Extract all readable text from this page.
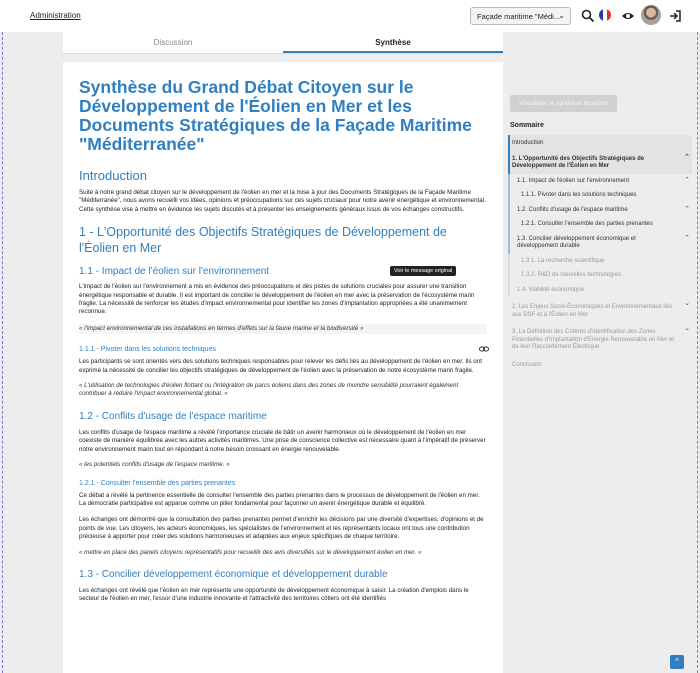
Administration	Façade maritime "Médi...
⌄
Discussion	Synthèse
Synthèse du Grand Débat Citoyen sur le Développement de l'Éolien en Mer et les Documents Stratégiques de la Façade Maritime "Méditerranée"
Introduction
Suite à notre grand débat citoyen sur le développement de l'éolien en mer et la mise à jour des Documents Stratégiques de la Façade Maritime "Méditerranée", nous avons recueilli vos idées, opinions et préoccupations sur ces sujets cruciaux pour notre avenir énergétique et environnemental. Cette synthèse vise à mettre en évidence les sujets discutés et à présenter les enseignements généraux issus de vos échanges constructifs.
1 - L'Opportunité des Objectifs Stratégiques de Développement de l'Éolien en Mer
1.1 - Impact de l'éolien sur l'environnement
L'impact de l'éolien sur l'environnement a mis en évidence des préoccupations et des pistes de solutions cruciales pour assurer une transition énergétique responsable et durable. Il est important de concilier le développement de l'éolien en mer avec la préservation de l'écosystème marin fragile. La nécessité de renforcer les études d'impact environnemental pour identifier les zones d'implantation appropriées a été unanimement reconnue.
« l'impact environnemental de ces installations en termes d'effets sur la faune marine et la biodiversité »
1.1.1 - Pivoter dans les solutions techniques
Les participants se sont orientés vers des solutions techniques responsables pour relever les défis liés au développement de l'éolien en mer. Ils ont exprimé la nécessité de concilier les objectifs stratégiques de développement de l'éolien avec la préservation de notre écosystème marin fragile.
« L'utilisation de technologies d'éolien flottant ou l'intégration de parcs éoliens dans des zones de moindre sensibilité pourraient également contribuer à réduire l'impact environnemental global. »
1.2 - Conflits d'usage de l'espace maritime
Les conflits d'usage de l'espace maritime a révélé l'importance cruciale de bâtir un avenir harmonieux où le développement de l'éolien en mer coexiste de manière équilibrée avec les autres activités maritimes. Une prise de conscience collective est nécessaire quant à l'impératif de préserver notre environnement marin tout en répondant à notre besoin croissant en énergie renouvelable.
« les potentiels conflits d'usage de l'espace maritime. »
1.2.1 - Consulter l'ensemble des parties prenantes
Ce débat a révélé la pertinence essentielle de consulter l'ensemble des parties prenantes dans le processus de développement de l'éolien en mer. La démocratie participative est apparue comme un pilier fondamental pour façonner un avenir énergétique durable et équilibré.
Les échanges ont démontré que la consultation des parties prenantes permet d'enrichir les décisions par une diversité d'expertises, d'opinions et de points de vue. Les citoyens, les acteurs économiques, les spécialistes de l'environnement et les représentants locaux ont tous une contribution précieuse à apporter pour créer des solutions harmonieuses et adaptées aux enjeux spécifiques de chaque territoire.
« mettre en place des panels citoyens représentatifs pour recueillir des avis diversifiés sur le développement éolien en mer. »
1.3 - Concilier développement économique et développement durable
Les échanges ont révélé que l'éolien en mer représente une opportunité de développement économique à saisir. La création d'emplois dans le secteur de l'éolien en mer, l'essor d'une industrie innovante et l'attractivité des territoires côtiers ont été identifiés
Voir le message original
Visualiser la synthèse brouillon
Sommaire
Introduction
1. L'Opportunité des Objectifs Stratégiques de Développement de l'Éolien en Mer
⌃
1.1. Impact de l'éolien sur l'environnement	⌃
1.1.1. Pivoter dans les solutions techniques
1.2. Conflits d'usage de l'espace maritime	⌃
1.2.1. Consulter l'ensemble des parties prenantes
1.3. Concilier développement économique et développement durable
⌃
1.3.1. La recherche scientifique
1.3.2. R&D de nouvelles technologies
1.4. Viabilité économique
2. Les Enjeux Socio-Économiques et Environnementaux liés aux DSF et à l'Éolien en Mer
⌄
3. La Définition des Critères d'Identification des Zones Potentielles d'Implantation d'Énergie Renouvelable en Mer et de leur Raccordement Électrique
⌄
Conclusion
^
